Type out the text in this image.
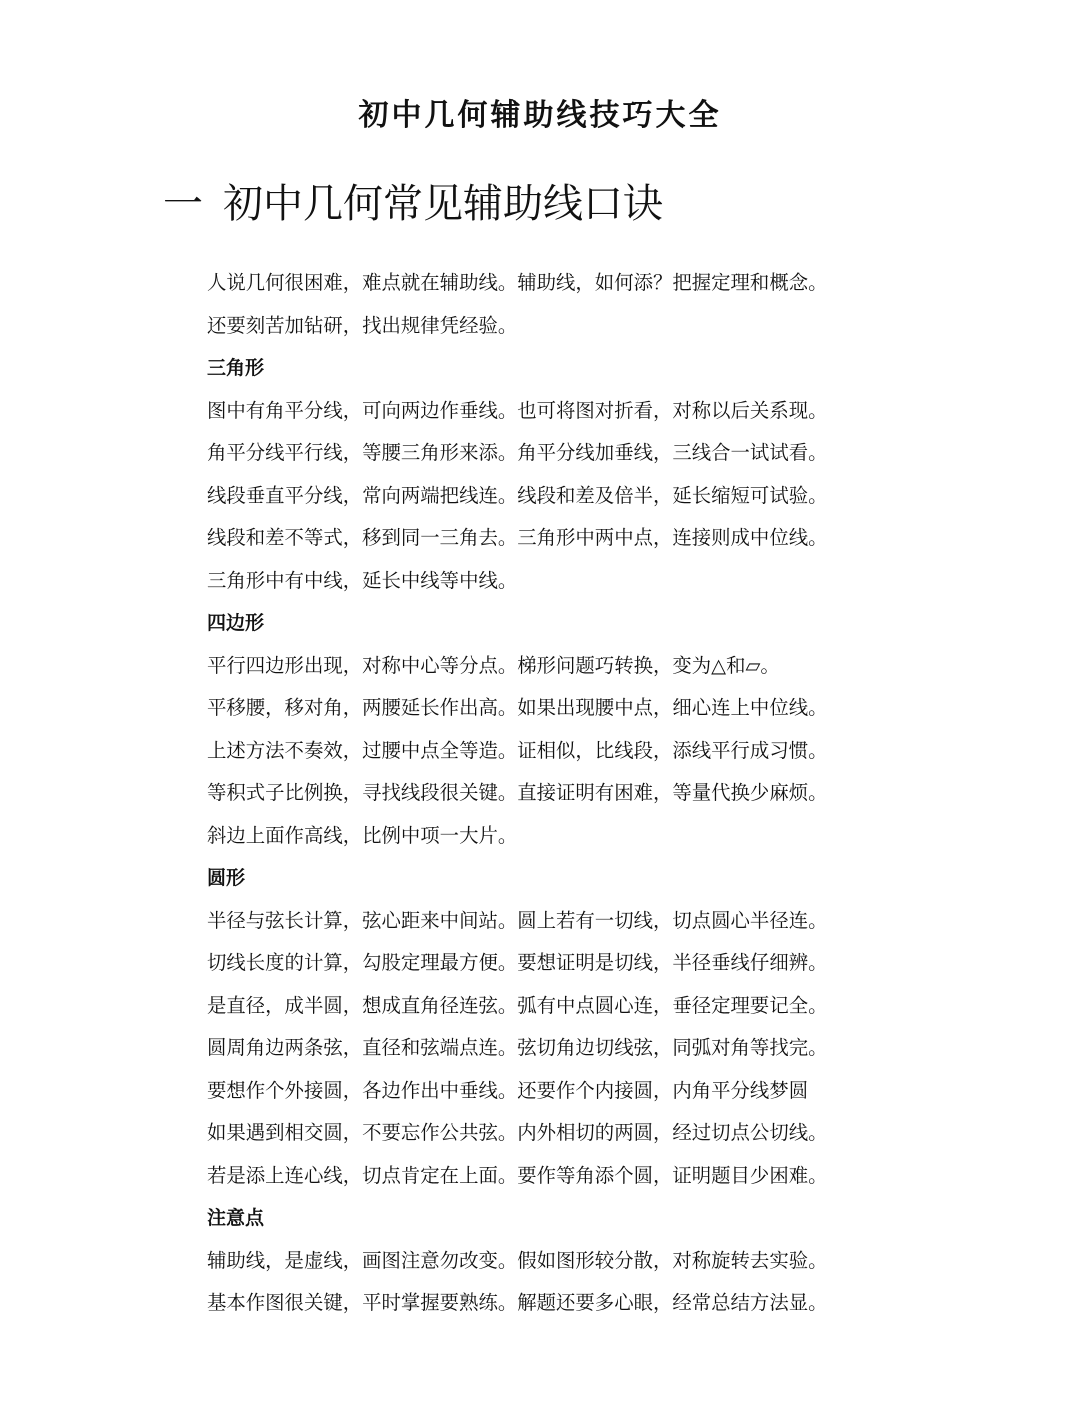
初中几何辅助线技巧大全
一 初中几何常见辅助线口诀
人说几何很困难，难点就在辅助线。辅助线，如何添？把握定理和概念。
还要刻苦加钻研，找出规律凭经验。
三角形
图中有角平分线，可向两边作垂线。也可将图对折看，对称以后关系现。
角平分线平行线，等腰三角形来添。角平分线加垂线，三线合一试试看。
线段垂直平分线，常向两端把线连。线段和差及倍半，延长缩短可试验。
线段和差不等式，移到同一三角去。三角形中两中点，连接则成中位线。
三角形中有中线，延长中线等中线。
四边形
平行四边形出现，对称中心等分点。梯形问题巧转换，变为△和▱。
平移腰，移对角，两腰延长作出高。如果出现腰中点，细心连上中位线。
上述方法不奏效，过腰中点全等造。证相似，比线段，添线平行成习惯。
等积式子比例换，寻找线段很关键。直接证明有困难，等量代换少麻烦。
斜边上面作高线，比例中项一大片。
圆形
半径与弦长计算，弦心距来中间站。圆上若有一切线，切点圆心半径连。
切线长度的计算，勾股定理最方便。要想证明是切线，半径垂线仔细辨。
是直径，成半圆，想成直角径连弦。弧有中点圆心连，垂径定理要记全。
圆周角边两条弦，直径和弦端点连。弦切角边切线弦，同弧对角等找完。
要想作个外接圆，各边作出中垂线。还要作个内接圆，内角平分线梦圆
如果遇到相交圆，不要忘作公共弦。内外相切的两圆，经过切点公切线。
若是添上连心线，切点肯定在上面。要作等角添个圆，证明题目少困难。
注意点
辅助线，是虚线，画图注意勿改变。假如图形较分散，对称旋转去实验。
基本作图很关键，平时掌握要熟练。解题还要多心眼，经常总结方法显。
